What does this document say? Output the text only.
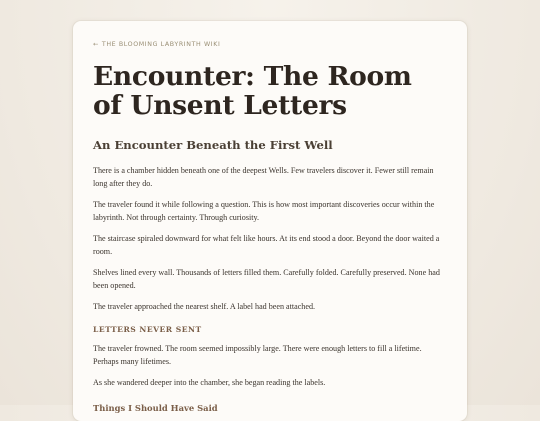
← THE BLOOMING LABYRINTH WIKI
Encounter: The Room of Unsent Letters
An Encounter Beneath the First Well

There is a chamber hidden beneath one of the deepest Wells. Few travelers discover it. Fewer still remain long after they do.

The traveler found it while following a question. This is how most important discoveries occur within the labyrinth. Not through certainty. Through curiosity.

The staircase spiraled downward for what felt like hours. At its end stood a door. Beyond the door waited a room.

Shelves lined every wall. Thousands of letters filled them. Carefully folded. Carefully preserved. None had been opened.

The traveler approached the nearest shelf. A label had been attached.

LETTERS NEVER SENT

The traveler frowned. The room seemed impossibly large. There were enough letters to fill a lifetime. Perhaps many lifetimes.

As she wandered deeper into the chamber, she began reading the labels.

Things I Should Have Said
